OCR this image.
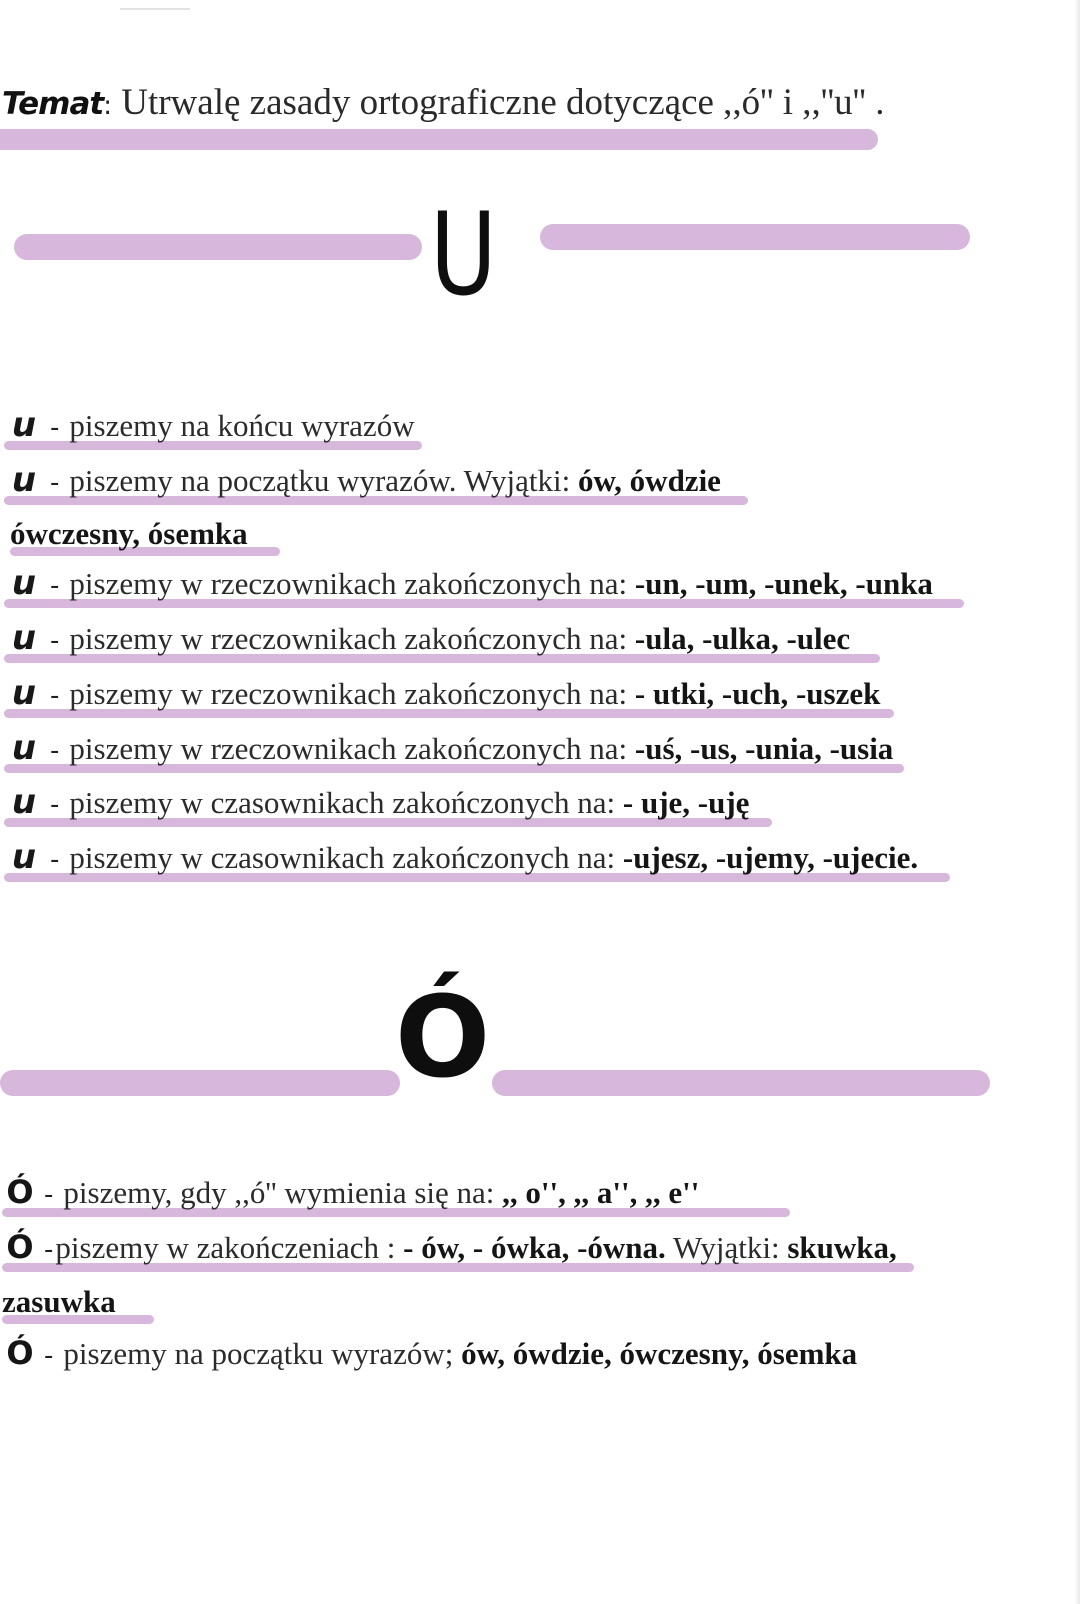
Temat: Utrwalę zasady ortograficzne dotyczące ,,ó'' i ,,''u'' .
U
u - piszemy na końcu wyrazów
u - piszemy na początku wyrazów. Wyjątki: ów, ówdzie
ówczesny, ósemka
u - piszemy w rzeczownikach zakończonych na: -un, -um, -unek, -unka
u - piszemy w rzeczownikach zakończonych na: -ula, -ulka, -ulec
u - piszemy w rzeczownikach zakończonych na: - utki, -uch, -uszek
u - piszemy w rzeczownikach zakończonych na: -uś, -us, -unia, -usia
u - piszemy w czasownikach zakończonych na: - uje, -uję
u - piszemy w czasownikach zakończonych na: -ujesz, -ujemy, -ujecie.
Ó
Ó - piszemy, gdy ,,ó'' wymienia się na: ,, o'', ,, a'', ,, e''
Ó -piszemy w zakończeniach : - ów, - ówka, -ówna. Wyjątki: skuwka,
zasuwka
Ó - piszemy na początku wyrazów; ów, ówdzie, ówczesny, ósemka
